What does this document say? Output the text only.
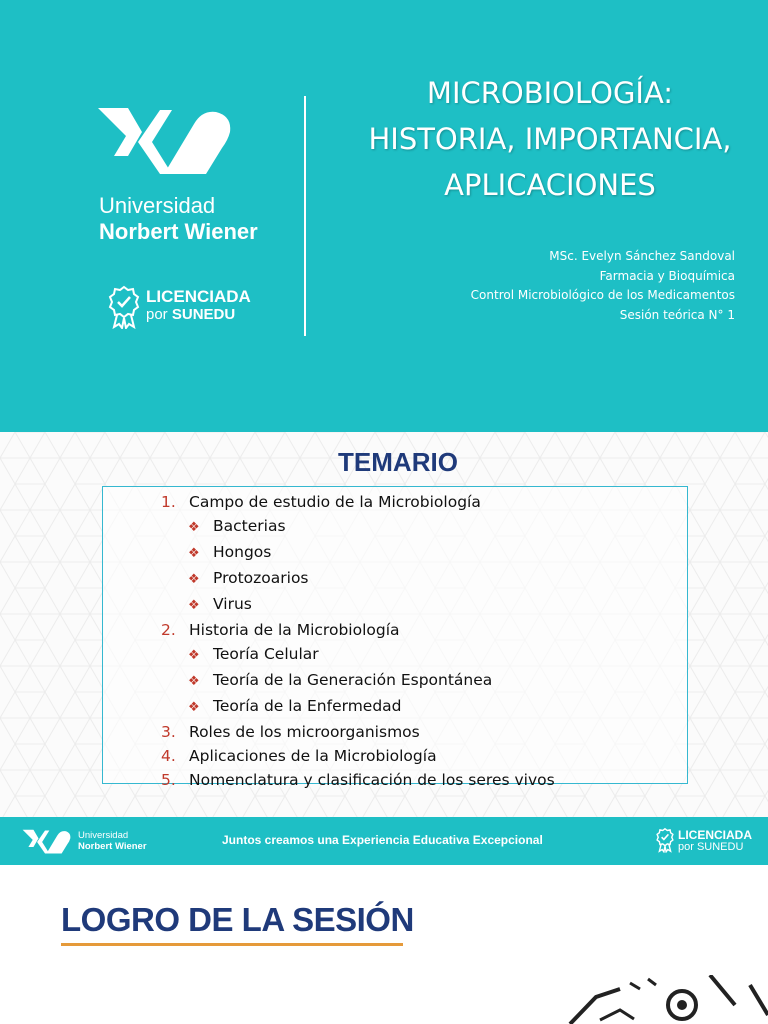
Universidad
Norbert Wiener
LICENCIADA
por SUNEDU
MICROBIOLOGÍA:
HISTORIA, IMPORTANCIA,
APLICACIONES
MSc. Evelyn Sánchez Sandoval
Farmacia y Bioquímica
Control Microbiológico de los Medicamentos
Sesión teórica N° 1
TEMARIO
1. Campo de estudio de la Microbiología
❖ Bacterias
❖ Hongos
❖ Protozoarios
❖ Virus
2. Historia de la Microbiología
❖ Teoría Celular
❖ Teoría de la Generación Espontánea
❖ Teoría de la Enfermedad
3. Roles de los microorganismos
4. Aplicaciones de la Microbiología
5. Nomenclatura y clasificación de los seres vivos
Universidad
Norbert Wiener	Juntos creamos una Experiencia Educativa Excepcional	LICENCIADA
por SUNEDU
LOGRO DE LA SESIÓN
